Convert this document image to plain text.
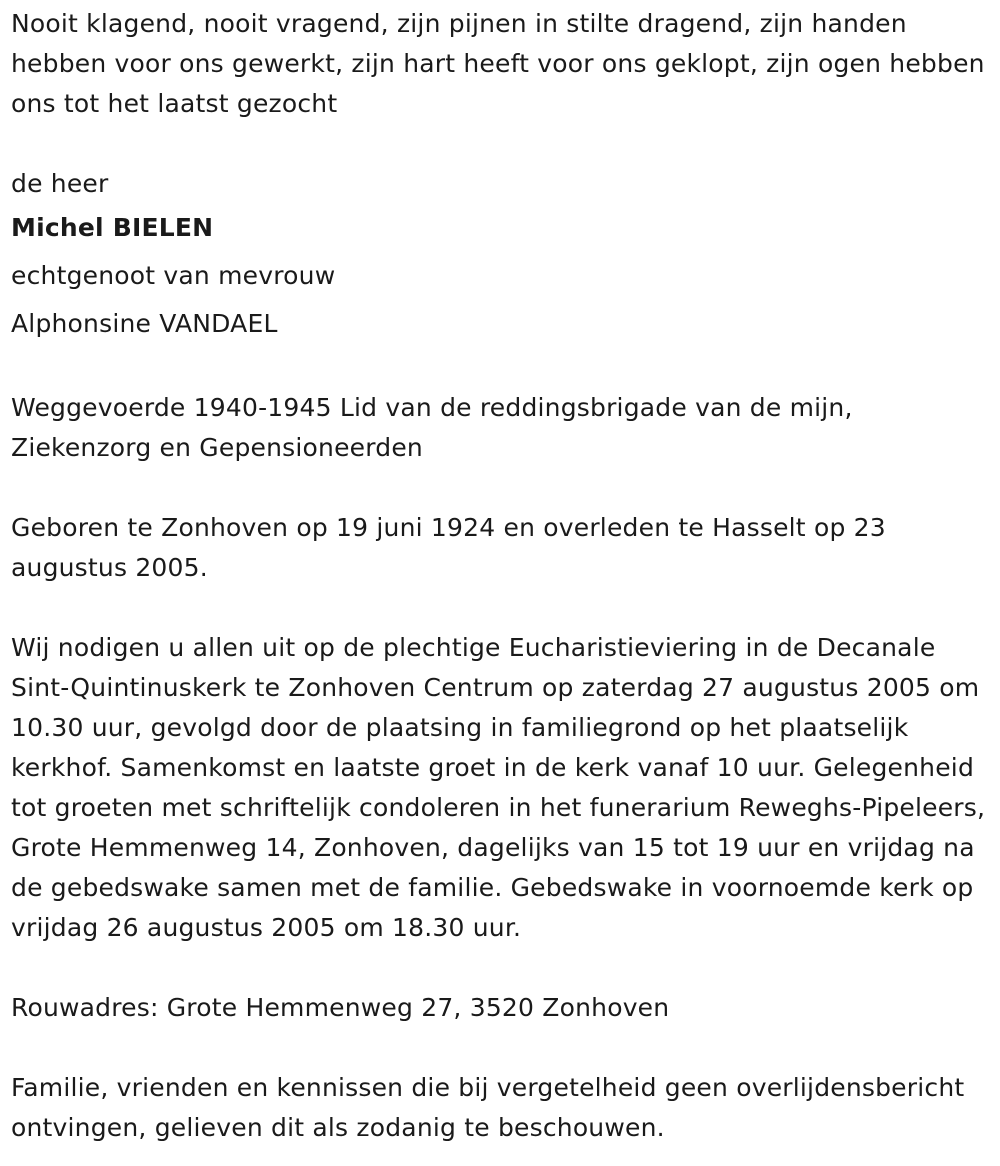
Nooit klagend, nooit vragend, zijn pijnen in stilte dragend, zijn handen hebben voor ons gewerkt, zijn hart heeft voor ons geklopt, zijn ogen hebben ons tot het laatst gezocht

de heer

Michel BIELEN

echtgenoot van mevrouw

Alphonsine VANDAEL

Weggevoerde 1940-1945 Lid van de reddingsbrigade van de mijn, Ziekenzorg en Gepensioneerden

Geboren te Zonhoven op 19 juni 1924 en overleden te Hasselt op 23 augustus 2005.

Wij nodigen u allen uit op de plechtige Eucharistieviering in de Decanale Sint-Quintinuskerk te Zonhoven Centrum op zaterdag 27 augustus 2005 om 10.30 uur, gevolgd door de plaatsing in familiegrond op het plaatselijk kerkhof. Samenkomst en laatste groet in de kerk vanaf 10 uur. Gelegenheid tot groeten met schriftelijk condoleren in het funerarium Reweghs-Pipeleers, Grote Hemmenweg 14, Zonhoven, dagelijks van 15 tot 19 uur en vrijdag na de gebedswake samen met de familie. Gebedswake in voornoemde kerk op vrijdag 26 augustus 2005 om 18.30 uur.

Rouwadres: Grote Hemmenweg 27, 3520 Zonhoven

Familie, vrienden en kennissen die bij vergetelheid geen overlijdensbericht ontvingen, gelieven dit als zodanig te beschouwen.
